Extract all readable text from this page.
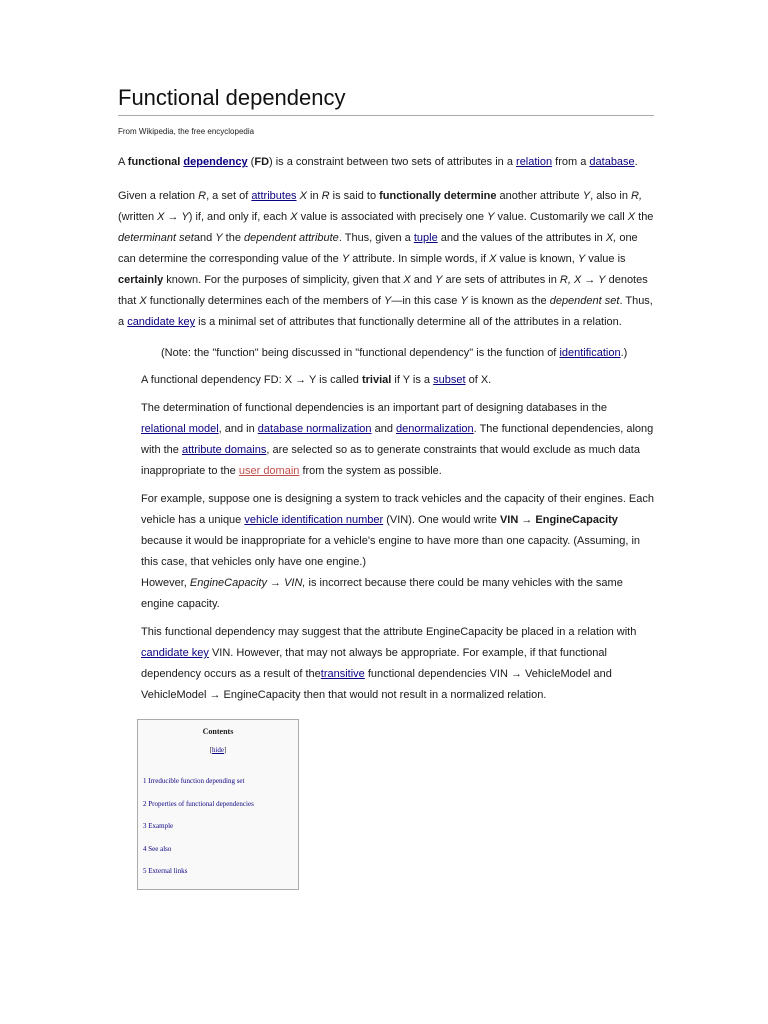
Functional dependency
From Wikipedia, the free encyclopedia

A functional dependency (FD) is a constraint between two sets of attributes in a relation from a database.

Given a relation R, a set of attributes X in R is said to functionally determine another attribute Y, also in R, (written X → Y) if, and only if, each X value is associated with precisely one Y value. Customarily we call X the determinant setand Y the dependent attribute. Thus, given a tuple and the values of the attributes in X, one can determine the corresponding value of the Y attribute. In simple words, if X value is known, Y value is certainly known. For the purposes of simplicity, given that X and Y are sets of attributes in R, X → Y denotes that X functionally determines each of the members of Y—in this case Y is known as the dependent set. Thus, a candidate key is a minimal set of attributes that functionally determine all of the attributes in a relation.

(Note: the "function" being discussed in "functional dependency" is the function of identification.)

A functional dependency FD: X → Y is called trivial if Y is a subset of X.

The determination of functional dependencies is an important part of designing databases in the relational model, and in database normalization and denormalization. The functional dependencies, along with the attribute domains, are selected so as to generate constraints that would exclude as much data inappropriate to the user domain from the system as possible.

For example, suppose one is designing a system to track vehicles and the capacity of their engines. Each vehicle has a unique vehicle identification number (VIN). One would write VIN → EngineCapacity because it would be inappropriate for a vehicle's engine to have more than one capacity. (Assuming, in this case, that vehicles only have one engine.)
However, EngineCapacity → VIN, is incorrect because there could be many vehicles with the same engine capacity.

This functional dependency may suggest that the attribute EngineCapacity be placed in a relation with candidate key VIN. However, that may not always be appropriate. For example, if that functional dependency occurs as a result of thetransitive functional dependencies VIN → VehicleModel and VehicleModel → EngineCapacity then that would not result in a normalized relation.

Contents
[hide]
1 Irreducible function depending set
2 Properties of functional dependencies
3 Example
4 See also
5 External links
